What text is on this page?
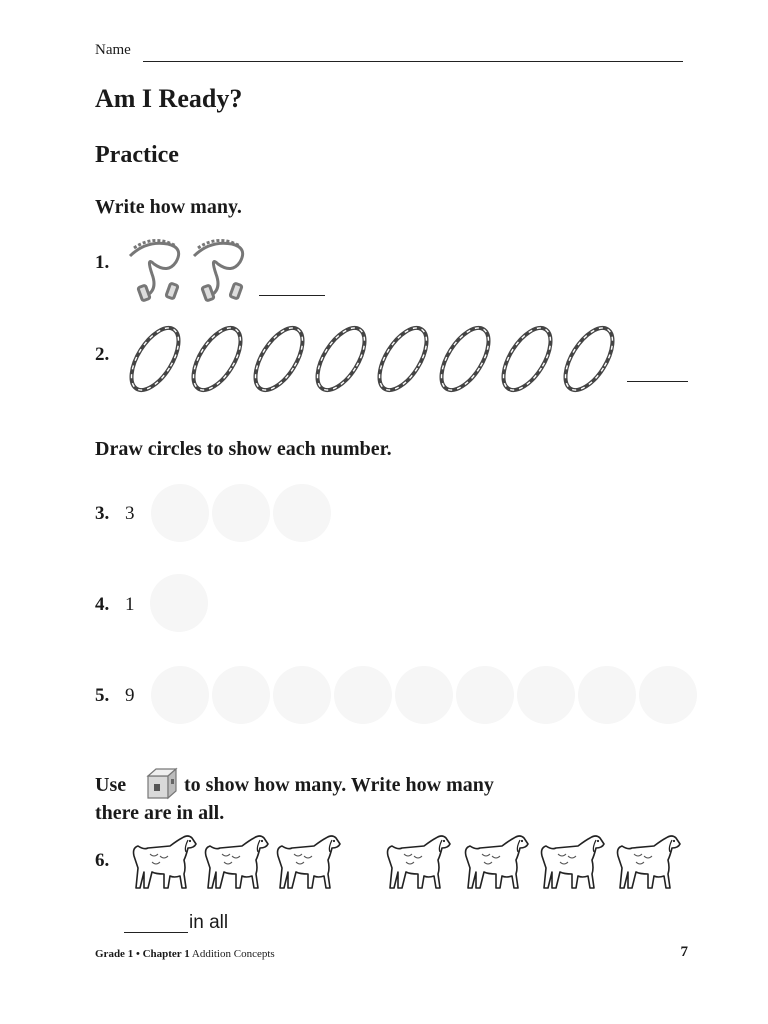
Name
Am I Ready?
Practice
Write how many.
1.
2.
Draw circles to show each number.
3. 3
4. 1
5. 9
Use	to show how many. Write how many
there are in all.
6.
in all
Grade 1 • Chapter 1 Addition Concepts	7
